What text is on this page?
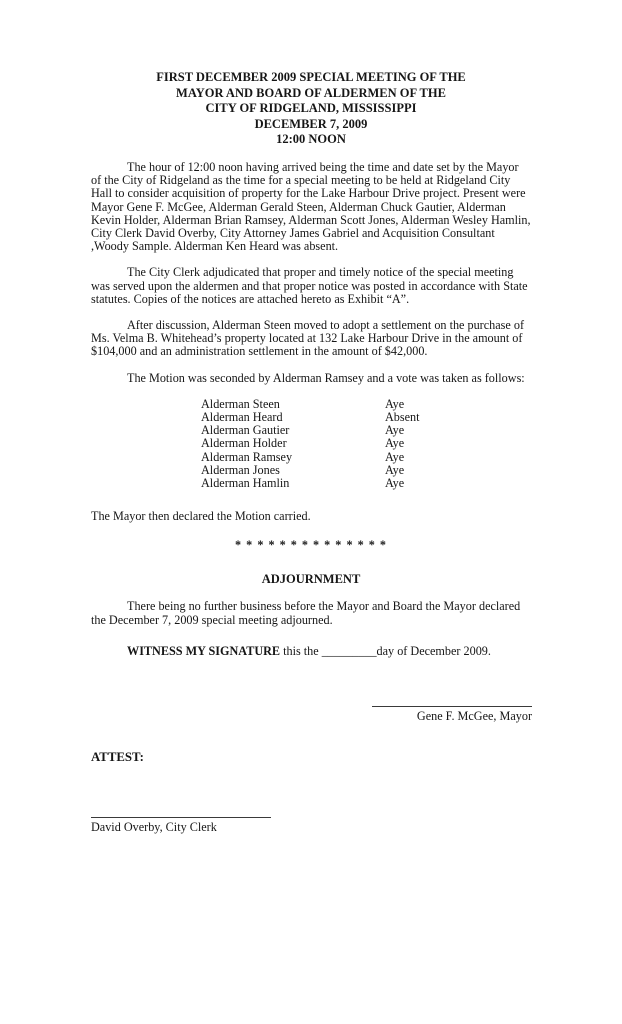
FIRST DECEMBER 2009 SPECIAL MEETING OF THE
MAYOR AND BOARD OF ALDERMEN OF THE
CITY OF RIDGELAND, MISSISSIPPI
DECEMBER 7, 2009
12:00 NOON

The hour of 12:00 noon having arrived being the time and date set by the Mayor of the City of Ridgeland as the time for a special meeting to be held at Ridgeland City Hall to consider acquisition of property for the Lake Harbour Drive project. Present were Mayor Gene F. McGee, Alderman Gerald Steen, Alderman Chuck Gautier, Alderman Kevin Holder, Alderman Brian Ramsey, Alderman Scott Jones, Alderman Wesley Hamlin, City Clerk David Overby, City Attorney James Gabriel and Acquisition Consultant ,Woody Sample. Alderman Ken Heard was absent.

The City Clerk adjudicated that proper and timely notice of the special meeting was served upon the aldermen and that proper notice was posted in accordance with State statutes. Copies of the notices are attached hereto as Exhibit “A”.

After discussion, Alderman Steen moved to adopt a settlement on the purchase of Ms. Velma B. Whitehead’s property located at 132 Lake Harbour Drive in the amount of $104,000 and an administration settlement in the amount of $42,000.

The Motion was seconded by Alderman Ramsey and a vote was taken as follows:

Alderman Steen	Aye
Alderman Heard	Absent
Alderman Gautier	Aye
Alderman Holder	Aye
Alderman Ramsey	Aye
Alderman Jones	Aye
Alderman Hamlin	Aye

The Mayor then declared the Motion carried.

* * * * * * * * * * * * * *
ADJOURNMENT

There being no further business before the Mayor and Board the Mayor declared the December 7, 2009 special meeting adjourned.

WITNESS MY SIGNATURE this the _________day of December 2009.

Gene F. McGee, Mayor
ATTEST:
David Overby, City Clerk
